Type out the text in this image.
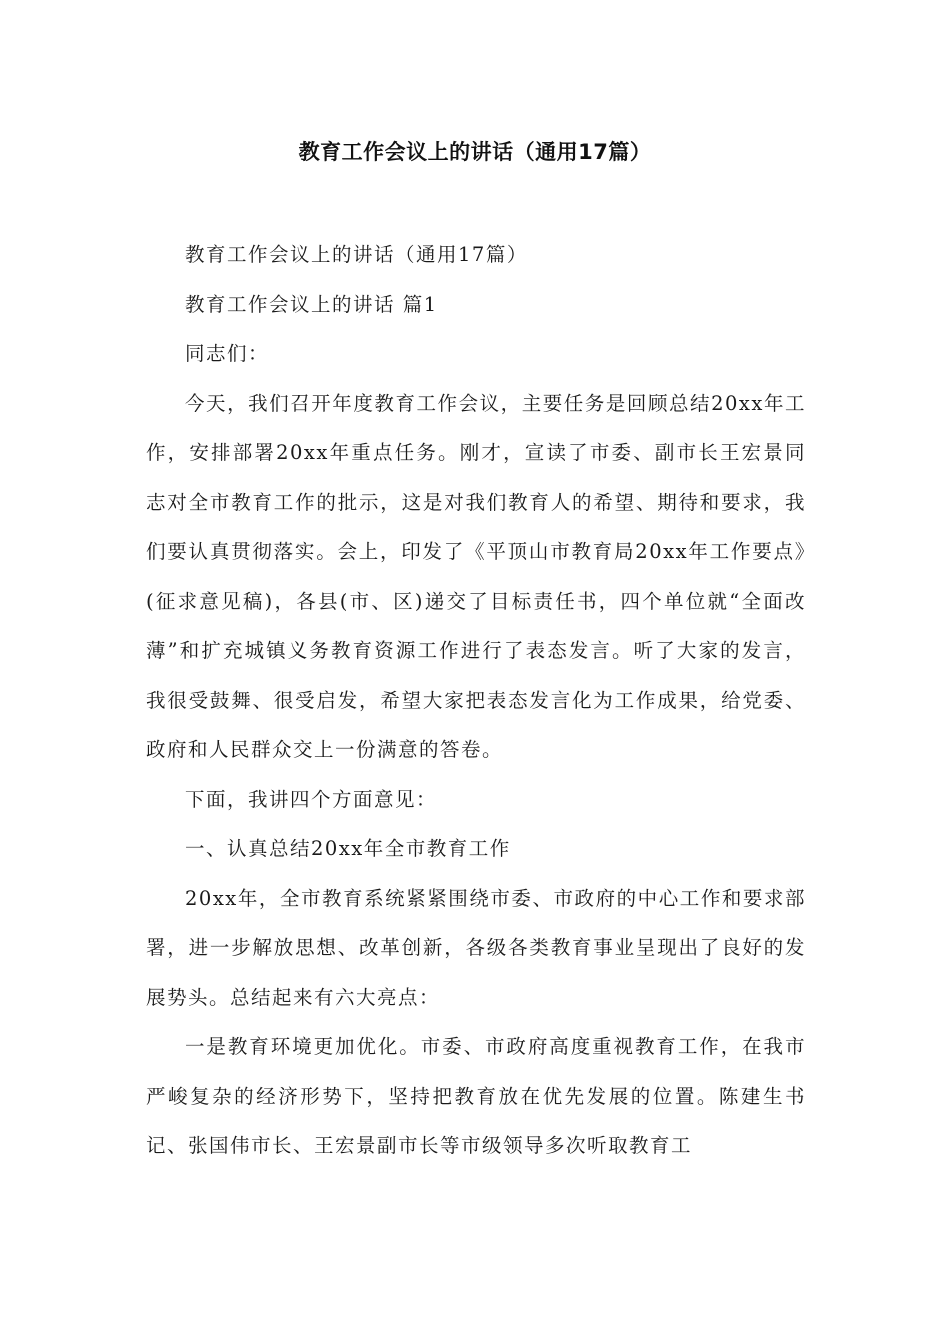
教育工作会议上的讲话（通用17篇）

教育工作会议上的讲话（通用17篇）

教育工作会议上的讲话 篇1

同志们：

今天，我们召开年度教育工作会议，主要任务是回顾总结20xx年工作，安排部署20xx年重点任务。刚才，宣读了市委、副市长王宏景同志对全市教育工作的批示，这是对我们教育人的希望、期待和要求，我们要认真贯彻落实。会上，印发了《平顶山市教育局20xx年工作要点》(征求意见稿)，各县(市、区)递交了目标责任书，四个单位就“全面改薄”和扩充城镇义务教育资源工作进行了表态发言。听了大家的发言，我很受鼓舞、很受启发，希望大家把表态发言化为工作成果，给党委、政府和人民群众交上一份满意的答卷。

下面，我讲四个方面意见：

一、认真总结20xx年全市教育工作

20xx年，全市教育系统紧紧围绕市委、市政府的中心工作和要求部署，进一步解放思想、改革创新，各级各类教育事业呈现出了良好的发展势头。总结起来有六大亮点：

一是教育环境更加优化。市委、市政府高度重视教育工作，在我市严峻复杂的经济形势下，坚持把教育放在优先发展的位置。陈建生书记、张国伟市长、王宏景副市长等市级领导多次听取教育工
